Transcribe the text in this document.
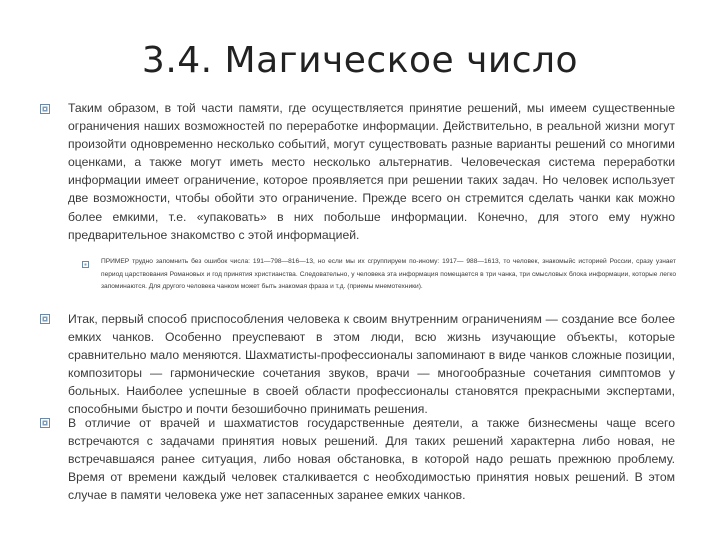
3.4. Магическое число

Таким образом, в той части памяти, где осуществляется принятие решений, мы имеем существенные ограничения наших возможностей по переработке информации. Действительно, в реальной жизни могут произойти одновременно несколько событий, могут существовать разные варианты решений со многими оценками, а также могут иметь место несколько альтернатив. Человеческая система переработки информации имеет ограничение, которое проявляется при решении таких задач. Но человек использует две возможности, чтобы обойти это ограничение. Прежде всего он стремится сделать чанки как можно более емкими, т.е. «упаковать» в них побольше информации. Конечно, для этого ему нужно предварительное знакомство с этой информацией.

ПРИМЕР трудно запомнить без ошибок числа: 191—798—816—13, но если мы их сгруппируем по-иному: 1917— 988—1613, то человек, знакомыйс историей России, сразу узнает период царствования Романовых и год принятия христианства. Следовательно, у человека эта информация помещается в три чанка, три смысловых блока информации, которые легко запоминаются. Для другого человека чанком может быть знакомая фраза и т.д. (приемы мнемотехники).

Итак, первый способ приспособления человека к своим внутренним ограничениям — создание все более емких чанков. Особенно преуспевают в этом люди, всю жизнь изучающие объекты, которые сравнительно мало меняются. Шахматисты-профессионалы запоминают в виде чанков сложные позиции, композиторы — гармонические сочетания звуков, врачи — многообразные сочетания симптомов у больных. Наиболее успешные в своей области профессионалы становятся прекрасными экспертами, способными быстро и почти безошибочно принимать решения.

В отличие от врачей и шахматистов государственные деятели, а также бизнесмены чаще всего встречаются с задачами принятия новых решений. Для таких решений характерна либо новая, не встречавшаяся ранее ситуация, либо новая обстановка, в которой надо решать прежнюю проблему. Время от времени каждый человек сталкивается с необходимостью принятия новых решений. В этом случае в памяти человека уже нет запасенных заранее емких чанков.
